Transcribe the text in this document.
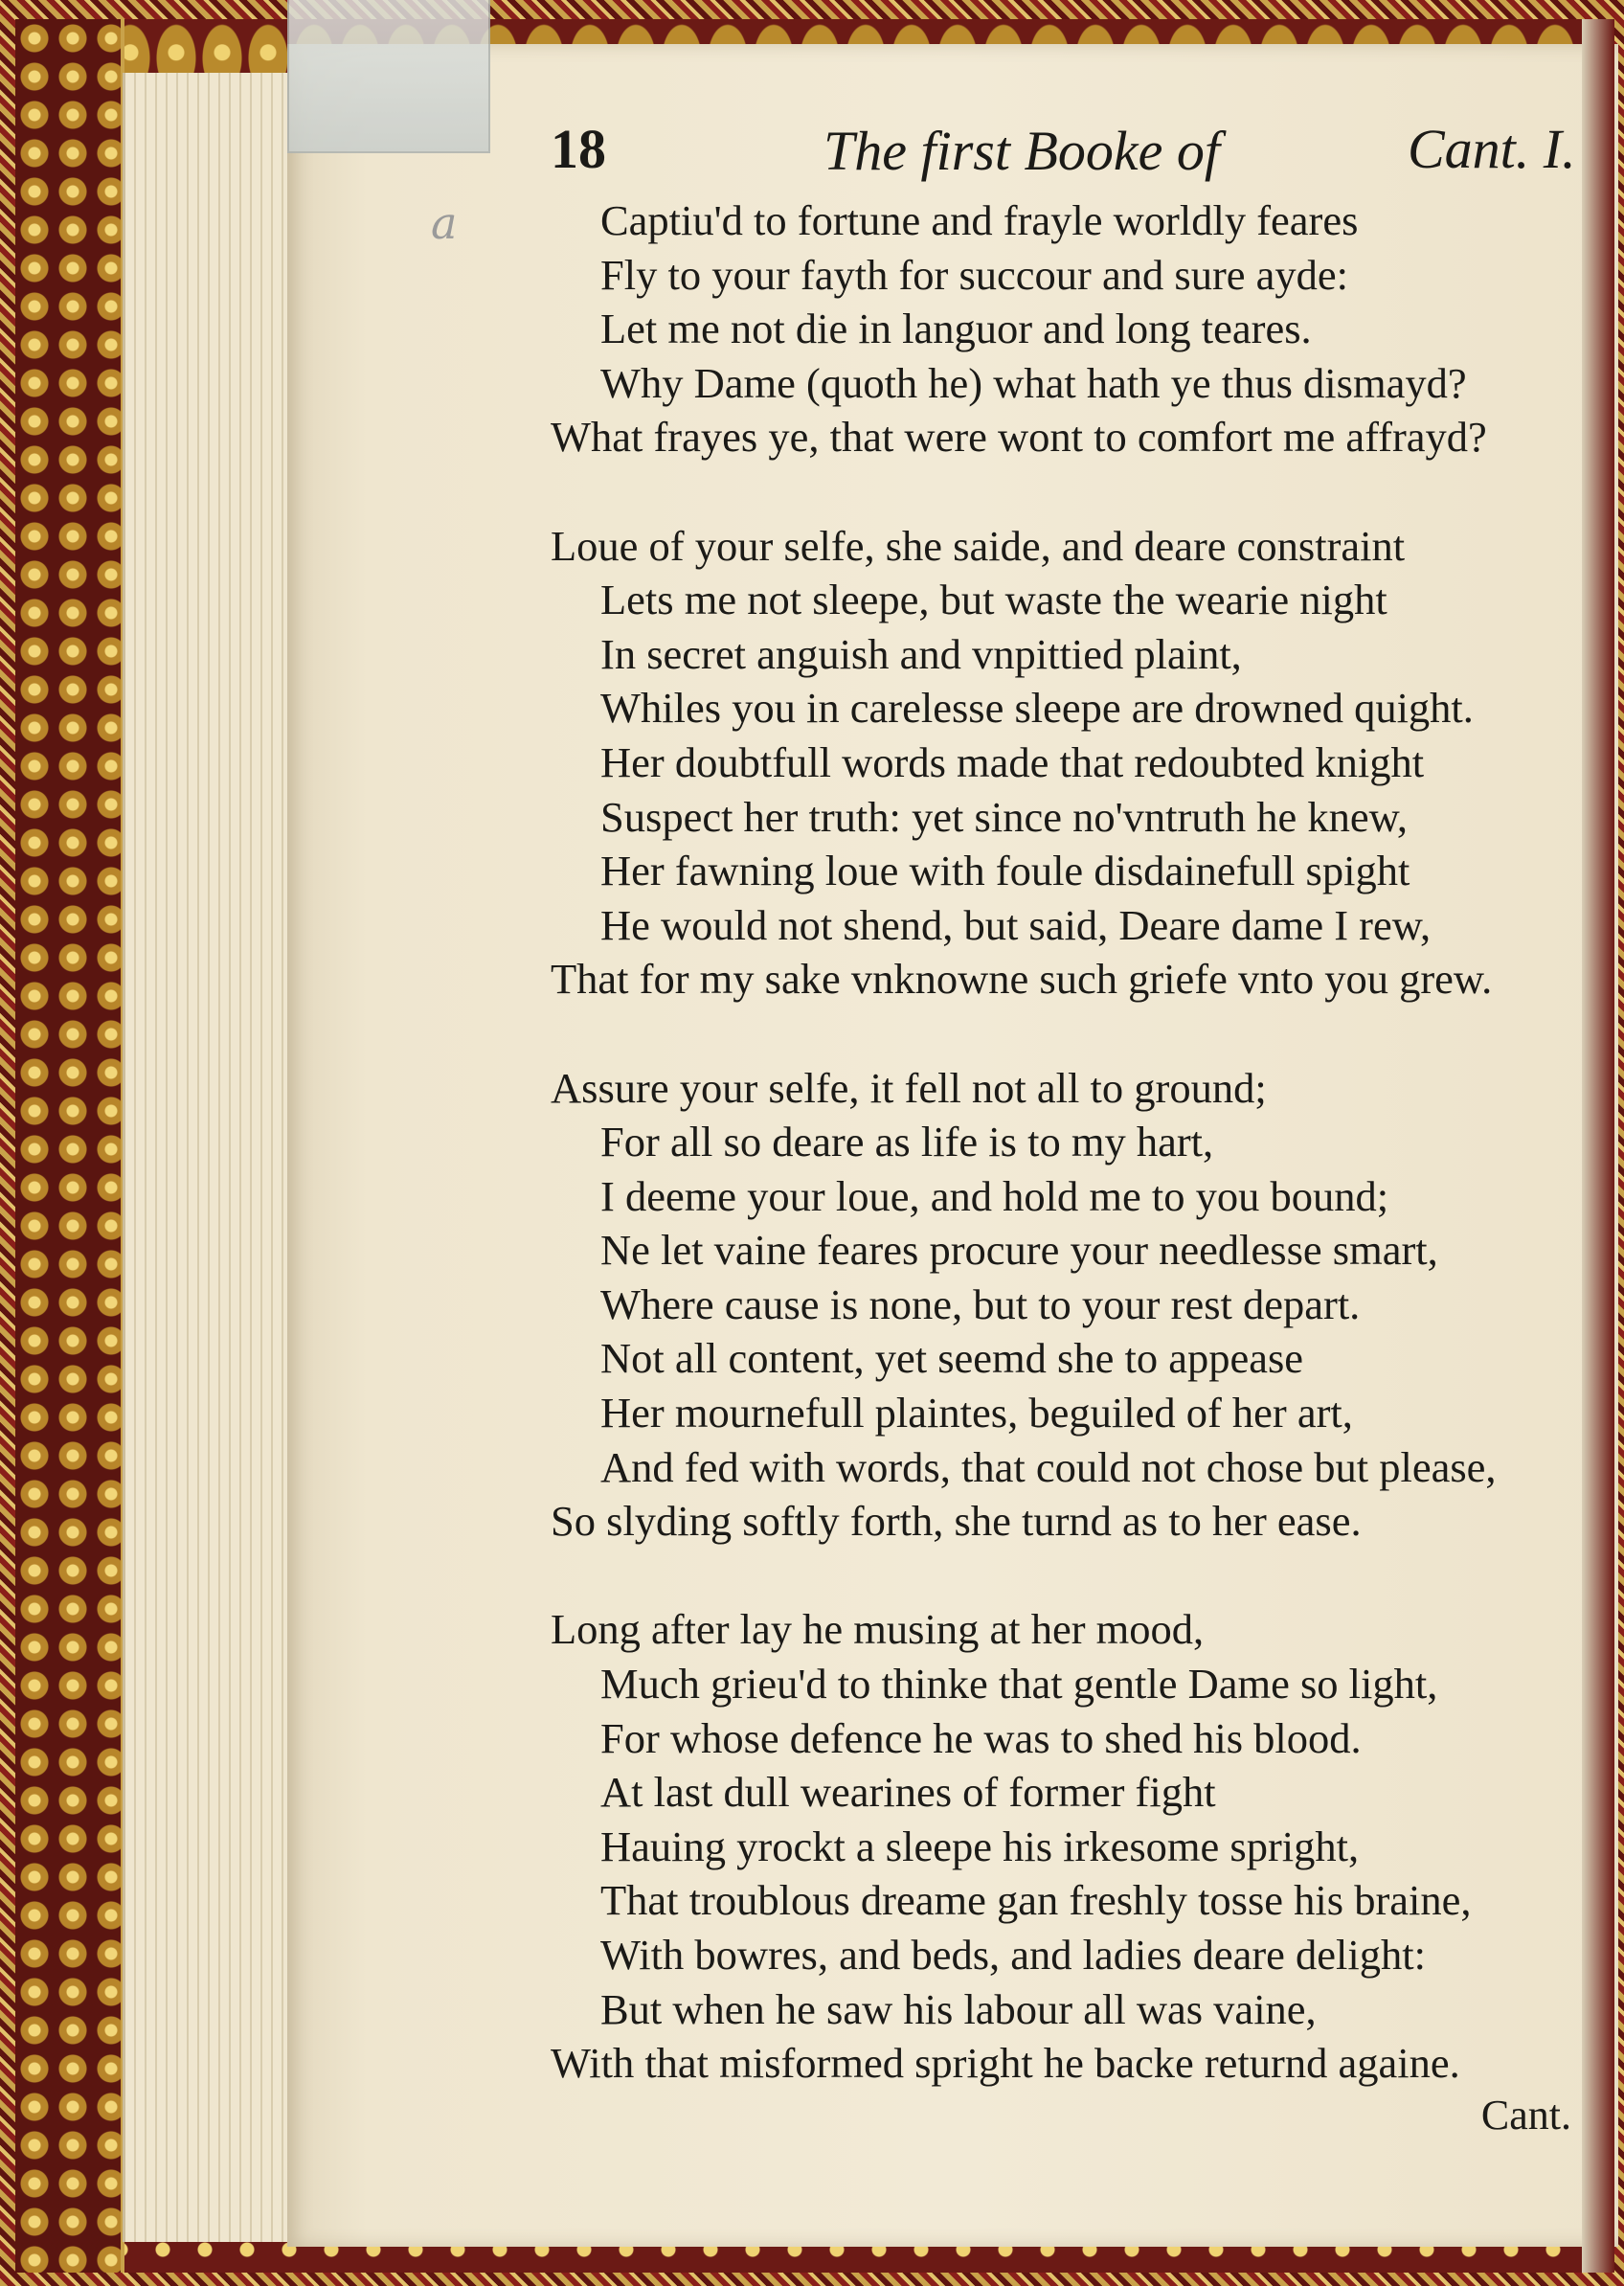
a
18	The first Booke of	Cant. I.
Captiu'd to fortune and frayle worldly feares
Fly to your fayth for succour and sure ayde:
Let me not die in languor and long teares.
Why Dame (quoth he) what hath ye thus dismayd?
What frayes ye, that were wont to comfort me affrayd?
Loue of your selfe, she saide, and deare constraint
Lets me not sleepe, but waste the wearie night
In secret anguish and vnpittied plaint,
Whiles you in carelesse sleepe are drowned quight.
Her doubtfull words made that redoubted knight
Suspect her truth: yet since no'vntruth he knew,
Her fawning loue with foule disdainefull spight
He would not shend, but said, Deare dame I rew,
That for my sake vnknowne such griefe vnto you grew.
Assure your selfe, it fell not all to ground;
For all so deare as life is to my hart,
I deeme your loue, and hold me to you bound;
Ne let vaine feares procure your needlesse smart,
Where cause is none, but to your rest depart.
Not all content, yet seemd she to appease
Her mournefull plaintes, beguiled of her art,
And fed with words, that could not chose but please,
So slyding softly forth, she turnd as to her ease.
Long after lay he musing at her mood,
Much grieu'd to thinke that gentle Dame so light,
For whose defence he was to shed his blood.
At last dull wearines of former fight
Hauing yrockt a sleepe his irkesome spright,
That troublous dreame gan freshly tosse his braine,
With bowres, and beds, and ladies deare delight:
But when he saw his labour all was vaine,
With that misformed spright he backe returnd againe.
Cant.
